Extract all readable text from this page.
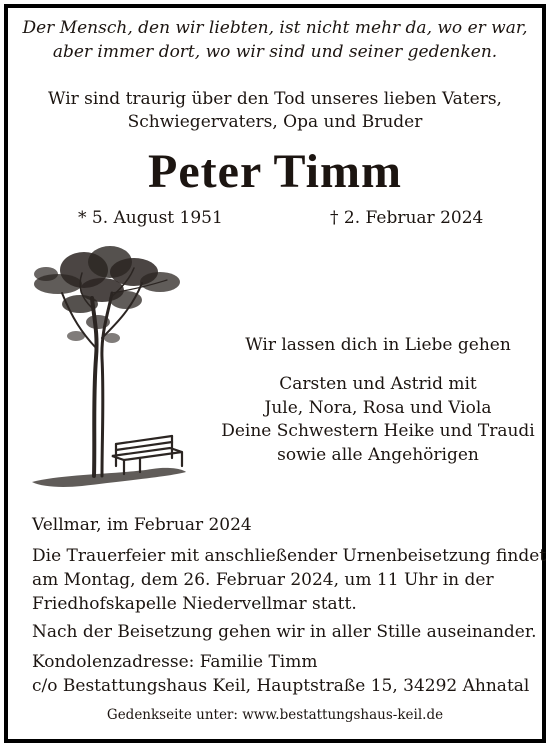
Der Mensch, den wir liebten, ist nicht mehr da, wo er war,
aber immer dort, wo wir sind und seiner gedenken.
Wir sind traurig über den Tod unseres lieben Vaters,
Schwiegervaters, Opa und Bruder
Peter Timm
* 5. August 1951	† 2. Februar 2024
Wir lassen dich in Liebe gehen
Carsten und Astrid mit
Jule, Nora, Rosa und Viola
Deine Schwestern Heike und Traudi
sowie alle Angehörigen
Vellmar, im Februar 2024
Die Trauerfeier mit anschließender Urnenbeisetzung findet
am Montag, dem 26. Februar 2024, um 11 Uhr in der
Friedhofskapelle Niedervellmar statt.
Nach der Beisetzung gehen wir in aller Stille auseinander.
Kondolenzadresse: Familie Timm
c/o Bestattungshaus Keil, Hauptstraße 15, 34292 Ahnatal
Gedenkseite unter: www.bestattungshaus-keil.de
